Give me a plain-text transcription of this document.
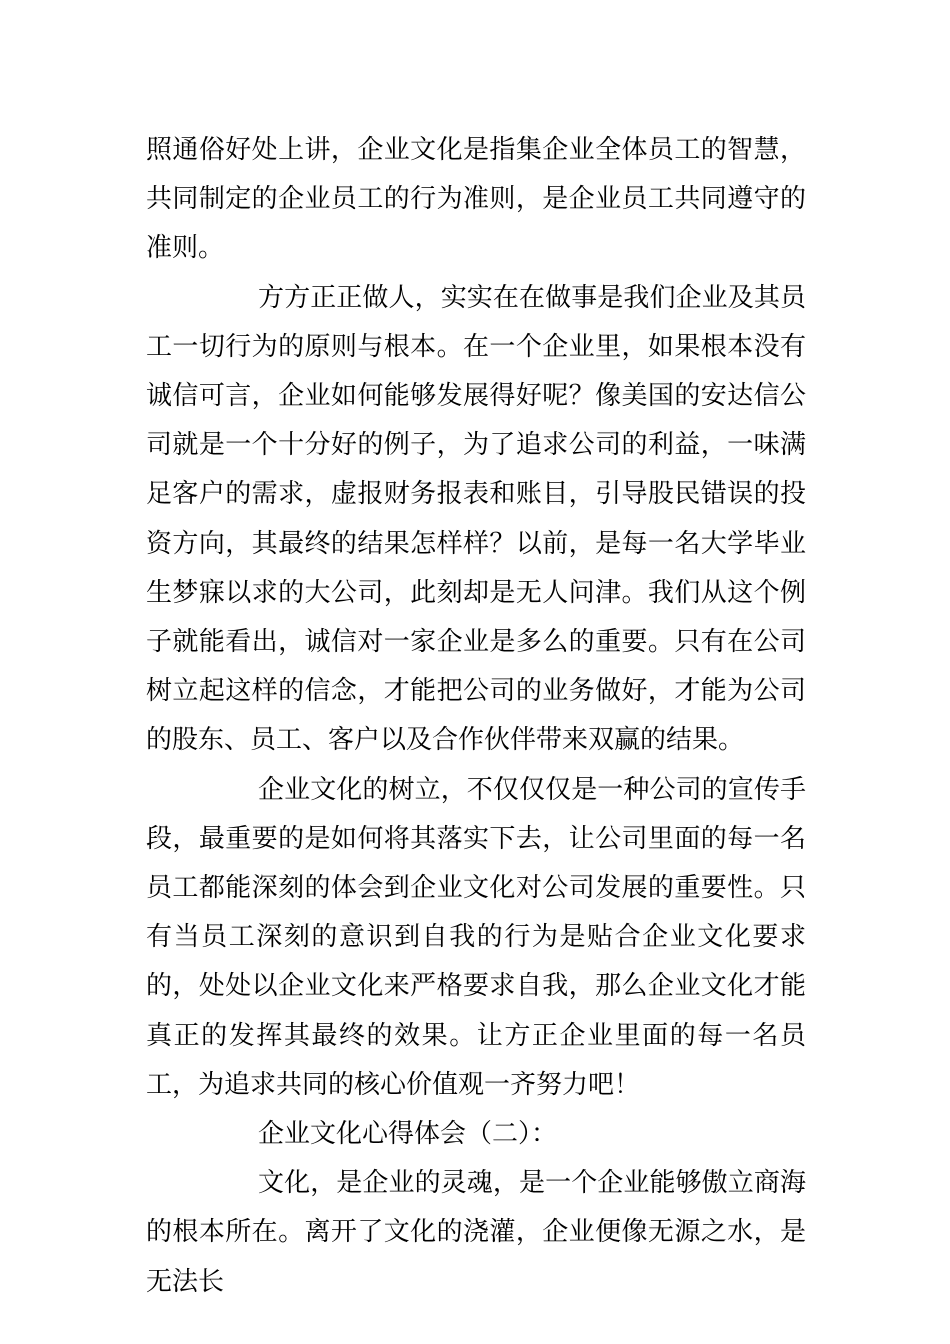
照通俗好处上讲，企业文化是指集企业全体员工的智慧，共同制定的企业员工的行为准则，是企业员工共同遵守的准则。

方方正正做人，实实在在做事是我们企业及其员工一切行为的原则与根本。在一个企业里，如果根本没有诚信可言，企业如何能够发展得好呢？像美国的安达信公司就是一个十分好的例子，为了追求公司的利益，一味满足客户的需求，虚报财务报表和账目，引导股民错误的投资方向，其最终的结果怎样样？以前，是每一名大学毕业生梦寐以求的大公司，此刻却是无人问津。我们从这个例子就能看出，诚信对一家企业是多么的重要。只有在公司树立起这样的信念，才能把公司的业务做好，才能为公司的股东、员工、客户以及合作伙伴带来双赢的结果。

企业文化的树立，不仅仅仅是一种公司的宣传手段，最重要的是如何将其落实下去，让公司里面的每一名员工都能深刻的体会到企业文化对公司发展的重要性。只有当员工深刻的意识到自我的行为是贴合企业文化要求的，处处以企业文化来严格要求自我，那么企业文化才能真正的发挥其最终的效果。让方正企业里面的每一名员工，为追求共同的核心价值观一齐努力吧！

企业文化心得体会（二）：

文化，是企业的灵魂，是一个企业能够傲立商海的根本所在。离开了文化的浇灌，企业便像无源之水，是无法长
